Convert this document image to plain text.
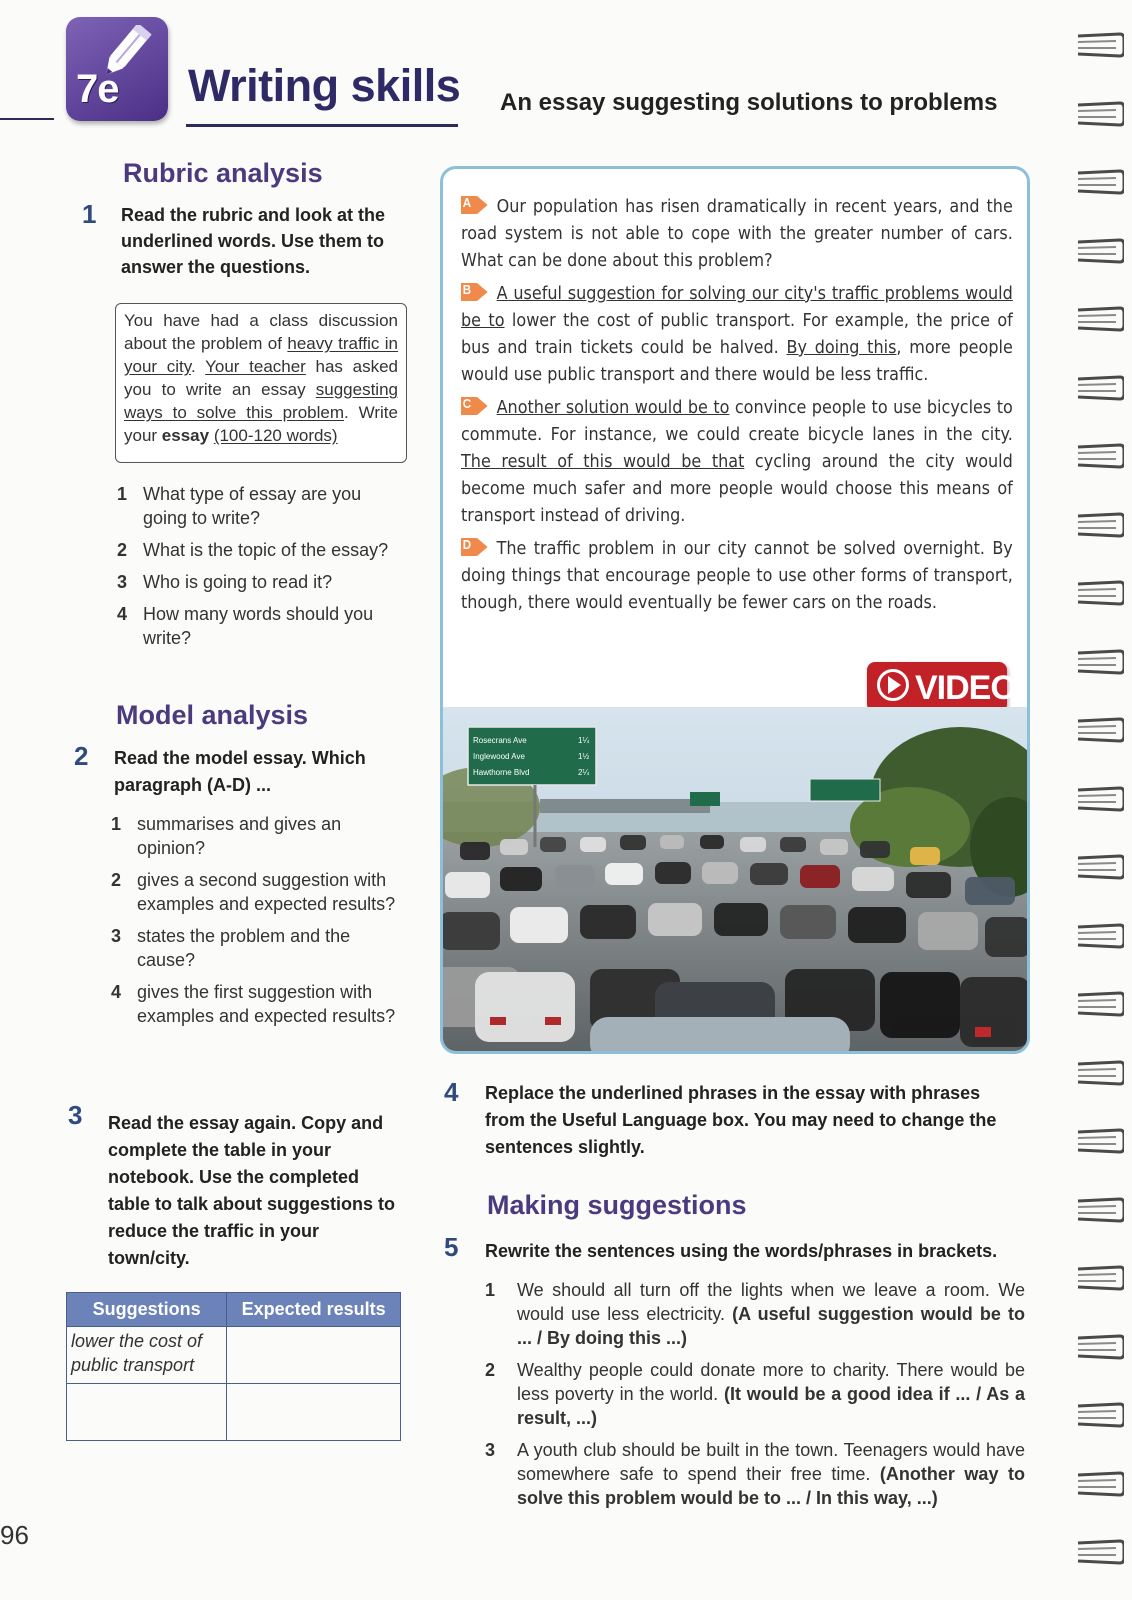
7e Writing skills An essay suggesting solutions to problems
Rubric analysis
1 Read the rubric and look at the underlined words. Use them to answer the questions.
You have had a class discussion about the problem of heavy traffic in your city. Your teacher has asked you to write an essay suggesting ways to solve this problem. Write your essay (100-120 words)
1 What type of essay are you going to write?
2 What is the topic of the essay?
3 Who is going to read it?
4 How many words should you write?
Model analysis
2 Read the model essay. Which paragraph (A-D) ...
1 summarises and gives an opinion?
2 gives a second suggestion with examples and expected results?
3 states the problem and the cause?
4 gives the first suggestion with examples and expected results?
3 Read the essay again. Copy and complete the table in your notebook. Use the completed table to talk about suggestions to reduce the traffic in your town/city.
Suggestions	Expected results
lower the cost of public transport	

96

A Our population has risen dramatically in recent years, and the road system is not able to cope with the greater number of cars. What can be done about this problem?

B A useful suggestion for solving our city's traffic problems would be to lower the cost of public transport. For example, the price of bus and train tickets could be halved. By doing this, more people would use public transport and there would be less traffic.

C Another solution would be to convince people to use bicycles to commute. For instance, we could create bicycle lanes in the city. The result of this would be that cycling around the city would become much safer and more people would choose this means of transport instead of driving.

D The traffic problem in our city cannot be solved overnight. By doing things that encourage people to use other forms of transport, though, there would eventually be fewer cars on the roads.

VIDEO
Rosecrans Ave
Inglewood Ave
Hawthorne Blvd
1¼
1½
2¼
4 Replace the underlined phrases in the essay with phrases from the Useful Language box. You may need to change the sentences slightly.
Making suggestions
5 Rewrite the sentences using the words/phrases in brackets.
1 We should all turn off the lights when we leave a room. We would use less electricity. (A useful suggestion would be to ... / By doing this ...)
2 Wealthy people could donate more to charity. There would be less poverty in the world. (It would be a good idea if ... / As a result, ...)
3 A youth club should be built in the town. Teenagers would have somewhere safe to spend their free time. (Another way to solve this problem would be to ... / In this way, ...)
